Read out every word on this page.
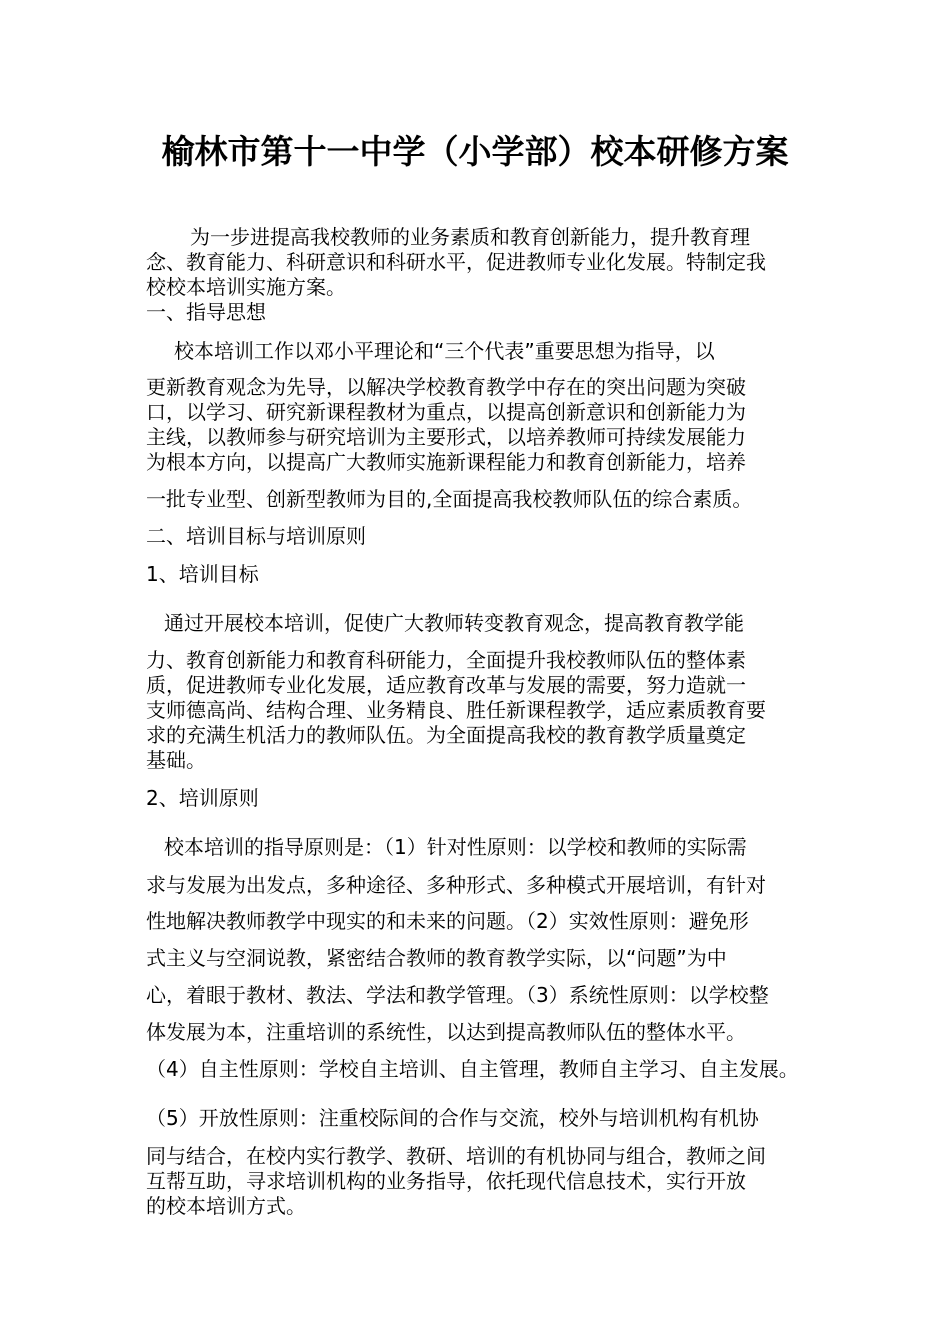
榆林市第十一中学（小学部）校本研修方案
为一步进提高我校教师的业务素质和教育创新能力，提升教育理
念、教育能力、科研意识和科研水平，促进教师专业化发展。特制定我
校校本培训实施方案。
一、指导思想
校本培训工作以邓小平理论和“三个代表”重要思想为指导，以
更新教育观念为先导，以解决学校教育教学中存在的突出问题为突破
口，以学习、研究新课程教材为重点，以提高创新意识和创新能力为
主线，以教师参与研究培训为主要形式，以培养教师可持续发展能力
为根本方向，以提高广大教师实施新课程能力和教育创新能力，培养
一批专业型、创新型教师为目的,全面提高我校教师队伍的综合素质。
二、培训目标与培训原则
1、培训目标
通过开展校本培训，促使广大教师转变教育观念，提高教育教学能
力、教育创新能力和教育科研能力，全面提升我校教师队伍的整体素
质，促进教师专业化发展，适应教育改革与发展的需要，努力造就一
支师德高尚、结构合理、业务精良、胜任新课程教学，适应素质教育要
求的充满生机活力的教师队伍。为全面提高我校的教育教学质量奠定
基础。
2、培训原则
校本培训的指导原则是：（1）针对性原则：以学校和教师的实际需
求与发展为出发点，多种途径、多种形式、多种模式开展培训，有针对
性地解决教师教学中现实的和未来的问题。（2）实效性原则：避免形
式主义与空洞说教，紧密结合教师的教育教学实际，以“问题”为中
心，着眼于教材、教法、学法和教学管理。（3）系统性原则：以学校整
体发展为本，注重培训的系统性，以达到提高教师队伍的整体水平。
（4）自主性原则：学校自主培训、自主管理，教师自主学习、自主发展。
（5）开放性原则：注重校际间的合作与交流，校外与培训机构有机协
同与结合，在校内实行教学、教研、培训的有机协同与组合，教师之间
互帮互助，寻求培训机构的业务指导，依托现代信息技术，实行开放
的校本培训方式。
